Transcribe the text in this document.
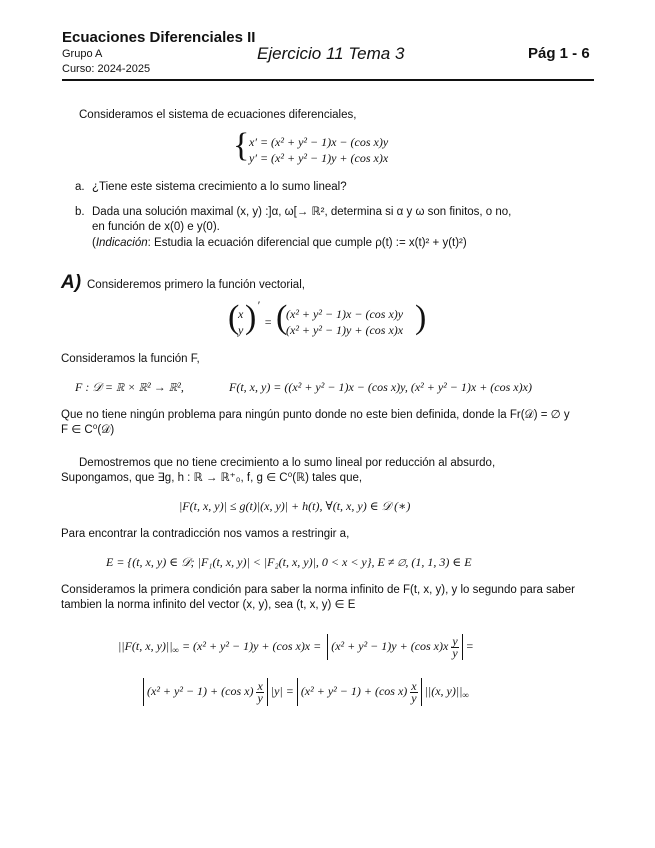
Ecuaciones Diferenciales II
Grupo A
Curso: 2024-2025
Ejercicio 11 Tema 3	Pág 1 - 6
Consideramos el sistema de ecuaciones diferenciales,
{ x′ = (x² + y² − 1)x − (cos x)y
y′ = (x² + y² − 1)y + (cos x)x
a. ¿Tiene este sistema crecimiento a lo sumo lineal?
b. Dada una solución maximal (x, y) :]α, ω[→ ℝ², determina si α y ω son finitos, o no,
en función de x(0) e y(0).
(Indicación: Estudia la ecuación diferencial que cumple ρ(t) := x(t)² + y(t)²)
A) Consideremos primero la función vectorial,
(
x
y ) ′
= (
(x² + y² − 1)x − (cos x)y
(x² + y² − 1)y + (cos x)x )
Consideramos la función F,
F : 𝒟 = ℝ × ℝ² → ℝ²,	F(t, x, y) = ((x² + y² − 1)x − (cos x)y, (x² + y² − 1)x + (cos x)x)
Que no tiene ningún problema para ningún punto donde no este bien definida, donde la Fr(𝒟) = ∅ y
F ∈ C⁰(𝒟)
Demostremos que no tiene crecimiento a lo sumo lineal por reducción al absurdo,
Supongamos, que ∃g, h : ℝ → ℝ⁺₀, f, g ∈ C⁰(ℝ) tales que,
|F(t, x, y)| ≤ g(t)|(x, y)| + h(t), ∀(t, x, y) ∈ 𝒟 (∗)
Para encontrar la contradicción nos vamos a restringir a,
E = {(t, x, y) ∈ 𝒟; |F₁(t, x, y)| < |F₂(t, x, y)|, 0 < x < y}, E ≠ ∅, (1, 1, 3) ∈ E
Consideramos la primera condición para saber la norma infinito de F(t, x, y), y lo segundo para saber
tambien la norma infinito del vector (x, y), sea (t, x, y) ∈ E
||F(t, x, $y)||_\infty = (x^2 + y^2 - 1)y + (\cos$ x)x = (x² + y² − 1)y + (cos $x)x \frac{y}{y}$ =
(x² + y² − 1) + (cos $x) \frac{x}{y} |y| = (x^2 + y^2 - 1) + (\cos$ $x) \frac{x}{y} ||(x$, $y)||_\infty$
